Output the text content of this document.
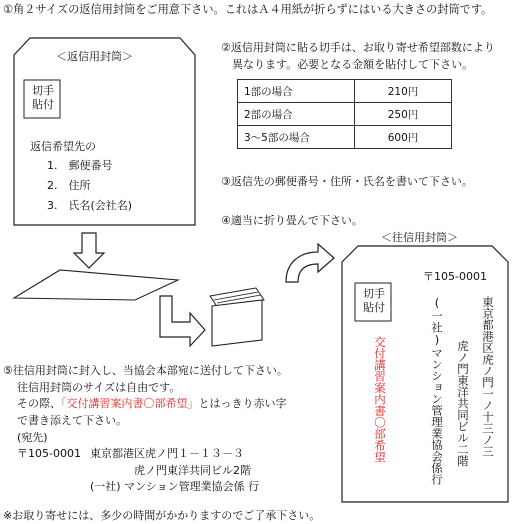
①角２サイズの返信用封筒をご用意下さい。これはＡ４用紙が折らずにはいる大きさの封筒です。
＜返信用封筒＞
切手
貼付
返信希望先の
1.　郵便番号
2.　住所
3.　氏名(会社名)
②返信用封筒に貼る切手は、お取り寄せ希望部数により
異なります。必要となる金額を貼付して下さい。
1部の場合	210円
2部の場合	250円
3～5部の場合	600円
③返信先の郵便番号・住所・氏名を書いて下さい。
④適当に折り畳んで下さい。
＜往信用封筒＞
切手
貼付
〒105-0001
東京都港区虎ノ門一ノ十三ノ三
虎ノ門東洋共同ビル二階
(一社)マンション管理業協会係行
交付講習案内書〇部希望
⑤往信用封筒に封入し、当協会本部宛に送付して下さい。
往信用封筒のサイズは自由です。
その際、「交付講習案内書〇部希望」とはっきり赤い字
で書き添えて下さい。
(宛先)
〒105-0001 東京都港区虎ノ門１－１３－３
虎ノ門東洋共同ビル2階
(一社) マンション管理業協会係 行
※お取り寄せには、多少の時間がかかりますのでご了承下さい。
